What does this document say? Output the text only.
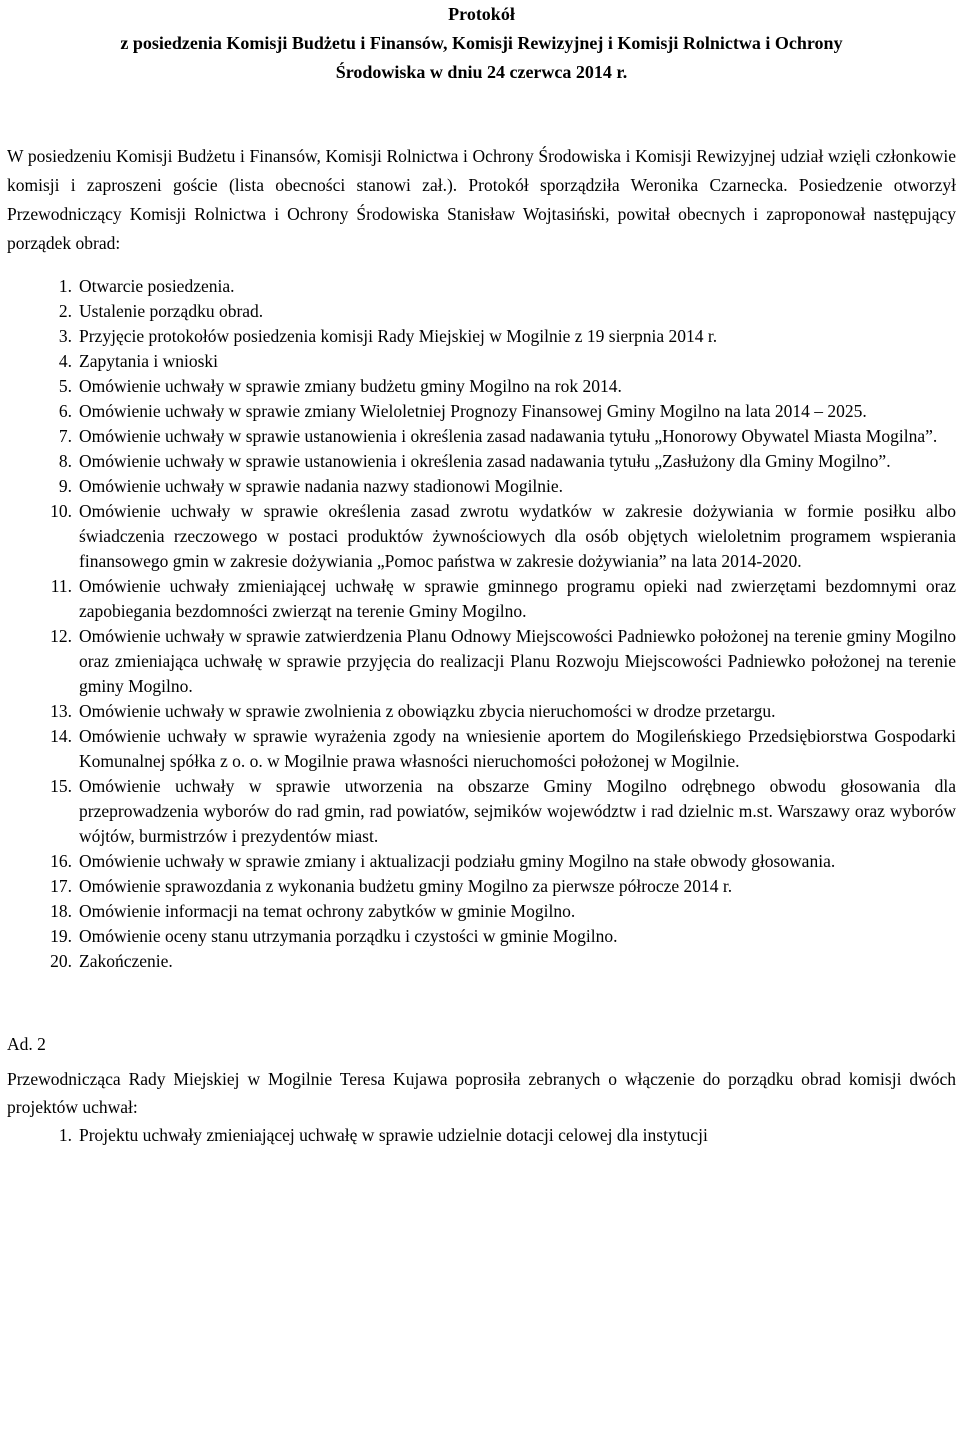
Protokół
z posiedzenia Komisji Budżetu i Finansów, Komisji Rewizyjnej i Komisji Rolnictwa i Ochrony
Środowiska w dniu 24 czerwca 2014 r.
W posiedzeniu Komisji Budżetu i Finansów, Komisji Rolnictwa i Ochrony Środowiska i Komisji Rewizyjnej udział wzięli członkowie komisji i zaproszeni goście (lista obecności stanowi zał.). Protokół sporządziła Weronika Czarnecka. Posiedzenie otworzył Przewodniczący Komisji Rolnictwa i Ochrony Środowiska Stanisław Wojtasiński, powitał obecnych i zaproponował następujący porządek obrad:
1. Otwarcie posiedzenia.
2. Ustalenie porządku obrad.
3. Przyjęcie protokołów posiedzenia komisji Rady Miejskiej w Mogilnie z 19 sierpnia 2014 r.
4. Zapytania i wnioski
5. Omówienie uchwały w sprawie zmiany budżetu gminy Mogilno na rok 2014.
6. Omówienie uchwały w sprawie zmiany Wieloletniej Prognozy Finansowej Gminy Mogilno na lata 2014 – 2025.
7. Omówienie uchwały w sprawie ustanowienia i określenia zasad nadawania tytułu „Honorowy Obywatel Miasta Mogilna”.
8. Omówienie uchwały w sprawie ustanowienia i określenia zasad nadawania tytułu „Zasłużony dla Gminy Mogilno”.
9. Omówienie uchwały w sprawie nadania nazwy stadionowi Mogilnie.
10. Omówienie uchwały w sprawie określenia zasad zwrotu wydatków w zakresie dożywiania w formie posiłku albo świadczenia rzeczowego w postaci produktów żywnościowych dla osób objętych wieloletnim programem wspierania finansowego gmin w zakresie dożywiania „Pomoc państwa w zakresie dożywiania” na lata 2014-2020.
11. Omówienie uchwały zmieniającej uchwałę w sprawie gminnego programu opieki nad zwierzętami bezdomnymi oraz zapobiegania bezdomności zwierząt na terenie Gminy Mogilno.
12. Omówienie uchwały w sprawie zatwierdzenia Planu Odnowy Miejscowości Padniewko położonej na terenie gminy Mogilno oraz zmieniająca uchwałę w sprawie przyjęcia do realizacji Planu Rozwoju Miejscowości Padniewko położonej na terenie gminy Mogilno.
13. Omówienie uchwały w sprawie zwolnienia z obowiązku zbycia nieruchomości w drodze przetargu.
14. Omówienie uchwały w sprawie wyrażenia zgody na wniesienie aportem do Mogileńskiego Przedsiębiorstwa Gospodarki Komunalnej spółka z o. o. w Mogilnie prawa własności nieruchomości położonej w Mogilnie.
15. Omówienie uchwały w sprawie utworzenia na obszarze Gminy Mogilno odrębnego obwodu głosowania dla przeprowadzenia wyborów do rad gmin, rad powiatów, sejmików województw i rad dzielnic m.st. Warszawy oraz wyborów wójtów, burmistrzów i prezydentów miast.
16. Omówienie uchwały w sprawie zmiany i aktualizacji podziału gminy Mogilno na stałe obwody głosowania.
17. Omówienie sprawozdania z wykonania budżetu gminy Mogilno za pierwsze półrocze 2014 r.
18. Omówienie informacji na temat ochrony zabytków w gminie Mogilno.
19. Omówienie oceny stanu utrzymania porządku i czystości w gminie Mogilno.
20. Zakończenie.
Ad. 2
Przewodnicząca Rady Miejskiej w Mogilnie Teresa Kujawa poprosiła zebranych o włączenie do porządku obrad komisji dwóch projektów uchwał:
1. Projektu uchwały zmieniającej uchwałę w sprawie udzielnie dotacji celowej dla instytucji
